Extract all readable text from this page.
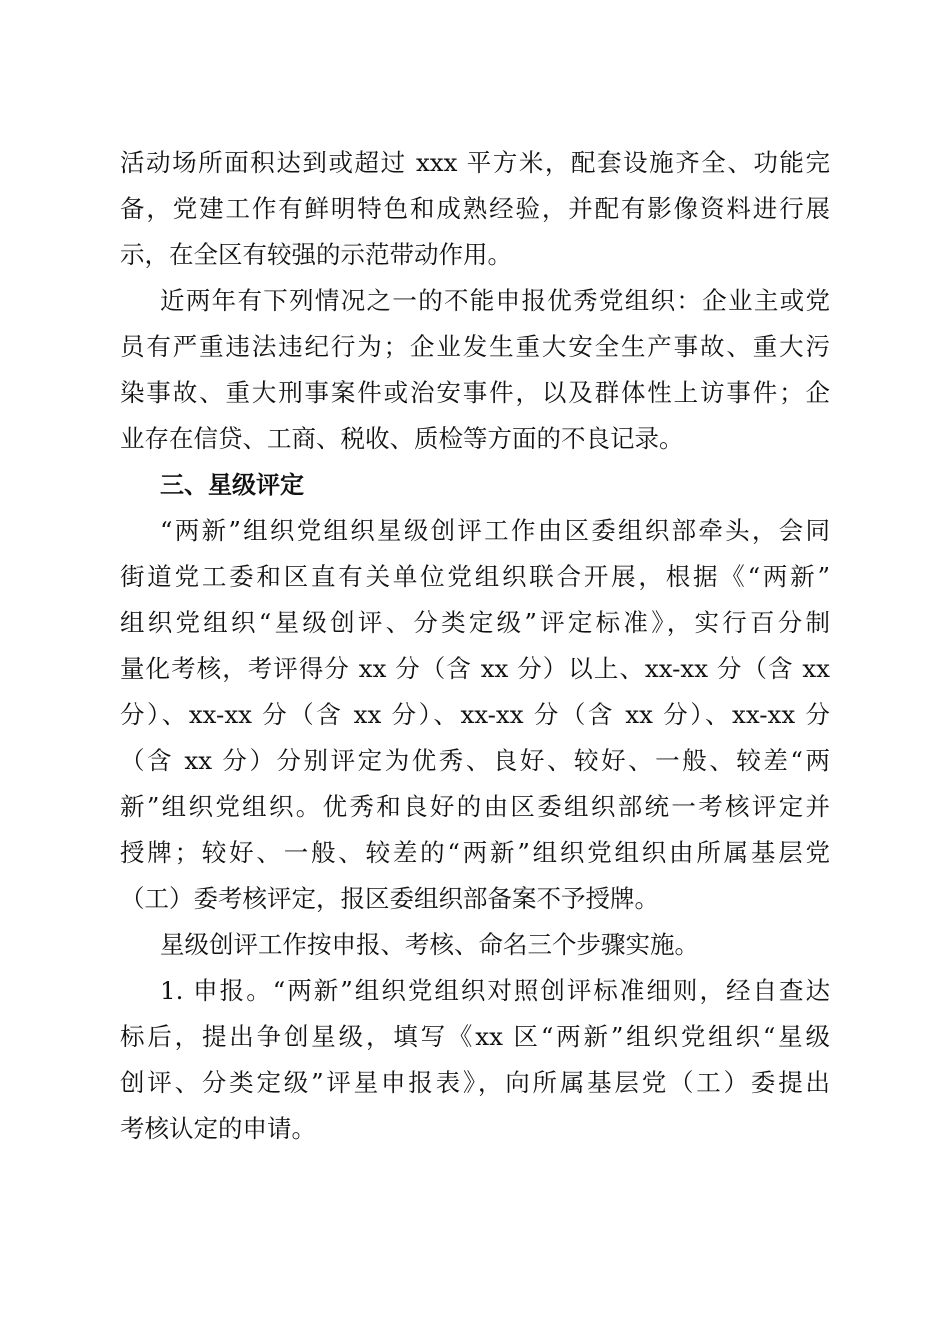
活动场所面积达到或超过 xxx 平方米，配套设施齐全、功能完
备，党建工作有鲜明特色和成熟经验，并配有影像资料进行展
示，在全区有较强的示范带动作用。
近两年有下列情况之一的不能申报优秀党组织：企业主或党
员有严重违法违纪行为；企业发生重大安全生产事故、重大污
染事故、重大刑事案件或治安事件，以及群体性上访事件；企
业存在信贷、工商、税收、质检等方面的不良记录。
三、星级评定
“两新”组织党组织星级创评工作由区委组织部牵头，会同
街道党工委和区直有关单位党组织联合开展，根据《“两新”
组织党组织“星级创评、分类定级”评定标准》，实行百分制
量化考核，考评得分 xx 分（含 xx 分）以上、xx-xx 分（含 xx
分）、xx-xx 分（含 xx 分）、xx-xx 分（含 xx 分）、xx-xx 分
（含 xx 分）分别评定为优秀、良好、较好、一般、较差“两
新”组织党组织。优秀和良好的由区委组织部统一考核评定并
授牌；较好、一般、较差的“两新”组织党组织由所属基层党
（工）委考核评定，报区委组织部备案不予授牌。
星级创评工作按申报、考核、命名三个步骤实施。
1. 申报。“两新”组织党组织对照创评标准细则，经自查达
标后，提出争创星级，填写《xx 区“两新”组织党组织“星级
创评、分类定级”评星申报表》，向所属基层党（工）委提出
考核认定的申请。
